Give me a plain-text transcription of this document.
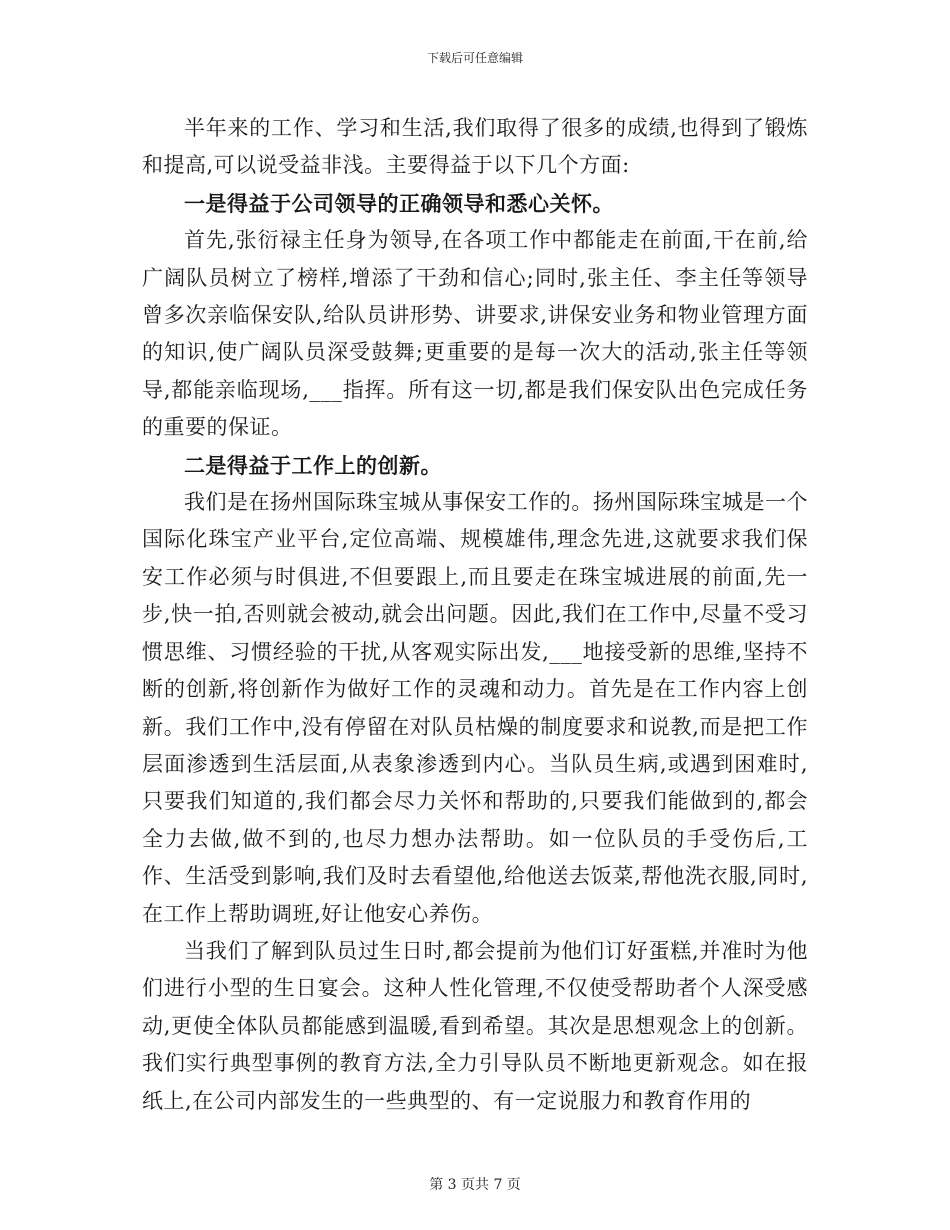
下载后可任意编辑

半年来的工作、学习和生活,我们取得了很多的成绩,也得到了锻炼和提高,可以说受益非浅。主要得益于以下几个方面:

一是得益于公司领导的正确领导和悉心关怀。

首先,张衍禄主任身为领导,在各项工作中都能走在前面,干在前,给广阔队员树立了榜样,增添了干劲和信心;同时,张主任、李主任等领导曾多次亲临保安队,给队员讲形势、讲要求,讲保安业务和物业管理方面的知识,使广阔队员深受鼓舞;更重要的是每一次大的活动,张主任等领导,都能亲临现场,___指挥。所有这一切,都是我们保安队出色完成任务的重要的保证。

二是得益于工作上的创新。

我们是在扬州国际珠宝城从事保安工作的。扬州国际珠宝城是一个国际化珠宝产业平台,定位高端、规模雄伟,理念先进,这就要求我们保安工作必须与时俱进,不但要跟上,而且要走在珠宝城进展的前面,先一步,快一拍,否则就会被动,就会出问题。因此,我们在工作中,尽量不受习惯思维、习惯经验的干扰,从客观实际出发,___地接受新的思维,坚持不断的创新,将创新作为做好工作的灵魂和动力。首先是在工作内容上创新。我们工作中,没有停留在对队员枯燥的制度要求和说教,而是把工作层面渗透到生活层面,从表象渗透到内心。当队员生病,或遇到困难时,只要我们知道的,我们都会尽力关怀和帮助的,只要我们能做到的,都会全力去做,做不到的,也尽力想办法帮助。如一位队员的手受伤后,工作、生活受到影响,我们及时去看望他,给他送去饭菜,帮他洗衣服,同时,在工作上帮助调班,好让他安心养伤。

当我们了解到队员过生日时,都会提前为他们订好蛋糕,并准时为他们进行小型的生日宴会。这种人性化管理,不仅使受帮助者个人深受感动,更使全体队员都能感到温暖,看到希望。其次是思想观念上的创新。我们实行典型事例的教育方法,全力引导队员不断地更新观念。如在报纸上,在公司内部发生的一些典型的、有一定说服力和教育作用的

第 3 页共 7 页
